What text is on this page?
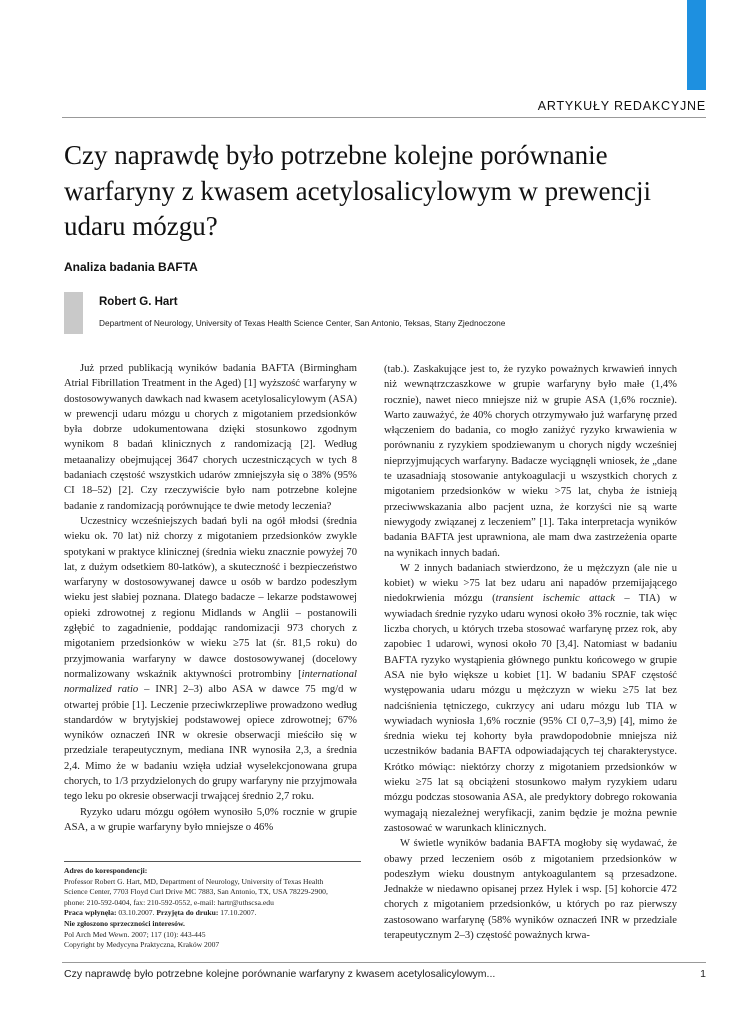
ARTYKUŁY REDAKCYJNE
Czy naprawdę było potrzebne kolejne porównanie warfaryny z kwasem acetylosalicylowym w prewencji udaru mózgu?
Analiza badania BAFTA
Robert G. Hart
Department of Neurology, University of Texas Health Science Center, San Antonio, Teksas, Stany Zjednoczone

Już przed publikacją wyników badania BAFTA (Birmingham Atrial Fibrillation Treatment in the Aged) [1] wyższość warfaryny w dostosowywanych dawkach nad kwasem acetylosalicylowym (ASA) w prewencji udaru mózgu u chorych z migotaniem przedsionków była dobrze udokumentowana dzięki stosunkowo zgodnym wynikom 8 badań klinicznych z randomizacją [2]. Według metaanalizy obejmującej 3647 chorych uczestniczących w tych 8 badaniach częstość wszystkich udarów zmniejszyła się o 38% (95% CI 18–52) [2]. Czy rzeczywiście było nam potrzebne kolejne badanie z randomizacją porównujące te dwie metody leczenia?

Uczestnicy wcześniejszych badań byli na ogół młodsi (średnia wieku ok. 70 lat) niż chorzy z migotaniem przedsionków zwykle spotykani w praktyce klinicznej (średnia wieku znacznie powyżej 70 lat, z dużym odsetkiem 80-latków), a skuteczność i bezpieczeństwo warfaryny w dostosowywanej dawce u osób w bardzo podeszłym wieku jest słabiej poznana. Dlatego badacze – lekarze podstawowej opieki zdrowotnej z regionu Midlands w Anglii – postanowili zgłębić to zagadnienie, poddając randomizacji 973 chorych z migotaniem przedsionków w wieku ≥75 lat (śr. 81,5 roku) do przyjmowania warfaryny w dawce dostosowywanej (docelowy normalizowany wskaźnik aktywności protrombiny [international normalized ratio – INR] 2–3) albo ASA w dawce 75 mg/d w otwartej próbie [1]. Leczenie przeciwkrzepliwe prowadzono według standardów w brytyjskiej podstawowej opiece zdrowotnej; 67% wyników oznaczeń INR w okresie obserwacji mieściło się w przedziale terapeutycznym, mediana INR wynosiła 2,3, a średnia 2,4. Mimo że w badaniu wzięła udział wyselekcjonowana grupa chorych, to 1/3 przydzielonych do grupy warfaryny nie przyjmowała tego leku po okresie obserwacji trwającej średnio 2,7 roku.

Ryzyko udaru mózgu ogółem wynosiło 5,0% rocznie w grupie ASA, a w grupie warfaryny było mniejsze o 46%

(tab.). Zaskakujące jest to, że ryzyko poważnych krwawień innych niż wewnątrzczaszkowe w grupie warfaryny było małe (1,4% rocznie), nawet nieco mniejsze niż w grupie ASA (1,6% rocznie). Warto zauważyć, że 40% chorych otrzymywało już warfarynę przed włączeniem do badania, co mogło zaniżyć ryzyko krwawienia w porównaniu z ryzykiem spodziewanym u chorych nigdy wcześniej nieprzyjmujących warfaryny. Badacze wyciągnęli wniosek, że „dane te uzasadniają stosowanie antykoagulacji u wszystkich chorych z migotaniem przedsionków w wieku >75 lat, chyba że istnieją przeciwwskazania albo pacjent uzna, że korzyści nie są warte niewygody związanej z leczeniem” [1]. Taka interpretacja wyników badania BAFTA jest uprawniona, ale mam dwa zastrzeżenia oparte na wynikach innych badań.

W 2 innych badaniach stwierdzono, że u mężczyzn (ale nie u kobiet) w wieku >75 lat bez udaru ani napadów przemijającego niedokrwienia mózgu (transient ischemic attack – TIA) w wywiadach średnie ryzyko udaru wynosi około 3% rocznie, tak więc liczba chorych, u których trzeba stosować warfarynę przez rok, aby zapobiec 1 udarowi, wynosi około 70 [3,4]. Natomiast w badaniu BAFTA ryzyko wystąpienia głównego punktu końcowego w grupie ASA nie było większe u kobiet [1]. W badaniu SPAF częstość występowania udaru mózgu u mężczyzn w wieku ≥75 lat bez nadciśnienia tętniczego, cukrzycy ani udaru mózgu lub TIA w wywiadach wyniosła 1,6% rocznie (95% CI 0,7–3,9) [4], mimo że średnia wieku tej kohorty była prawdopodobnie mniejsza niż uczestników badania BAFTA odpowiadających tej charakterystyce. Krótko mówiąc: niektórzy chorzy z migotaniem przedsionków w wieku ≥75 lat są obciążeni stosunkowo małym ryzykiem udaru mózgu podczas stosowania ASA, ale predyktory dobrego rokowania wymagają niezależnej weryfikacji, zanim będzie je można pewnie zastosować w warunkach klinicznych.

W świetle wyników badania BAFTA mogłoby się wydawać, że obawy przed leczeniem osób z migotaniem przedsionków w podeszłym wieku doustnym antykoagulantem są przesadzone. Jednakże w niedawno opisanej przez Hylek i wsp. [5] kohorcie 472 chorych z migotaniem przedsionków, u których po raz pierwszy zastosowano warfarynę (58% wyników oznaczeń INR w przedziale terapeutycznym 2–3) częstość poważnych krwa-

Adres do korespondencji:
Professor Robert G. Hart, MD, Department of Neurology, University of Texas Health
Science Center, 7703 Floyd Curl Drive MC 7883, San Antonio, TX, USA 78229-2900,
phone: 210-592-0404, fax: 210-592-0552, e-mail: hartr@uthscsa.edu
Praca wpłynęła: 03.10.2007. Przyjęta do druku: 17.10.2007.
Nie zgłoszono sprzeczności interesów.
Pol Arch Med Wewn. 2007; 117 (10): 443-445
Copyright by Medycyna Praktyczna, Kraków 2007
Czy naprawdę było potrzebne kolejne porównanie warfaryny z kwasem acetylosalicylowym...	1
